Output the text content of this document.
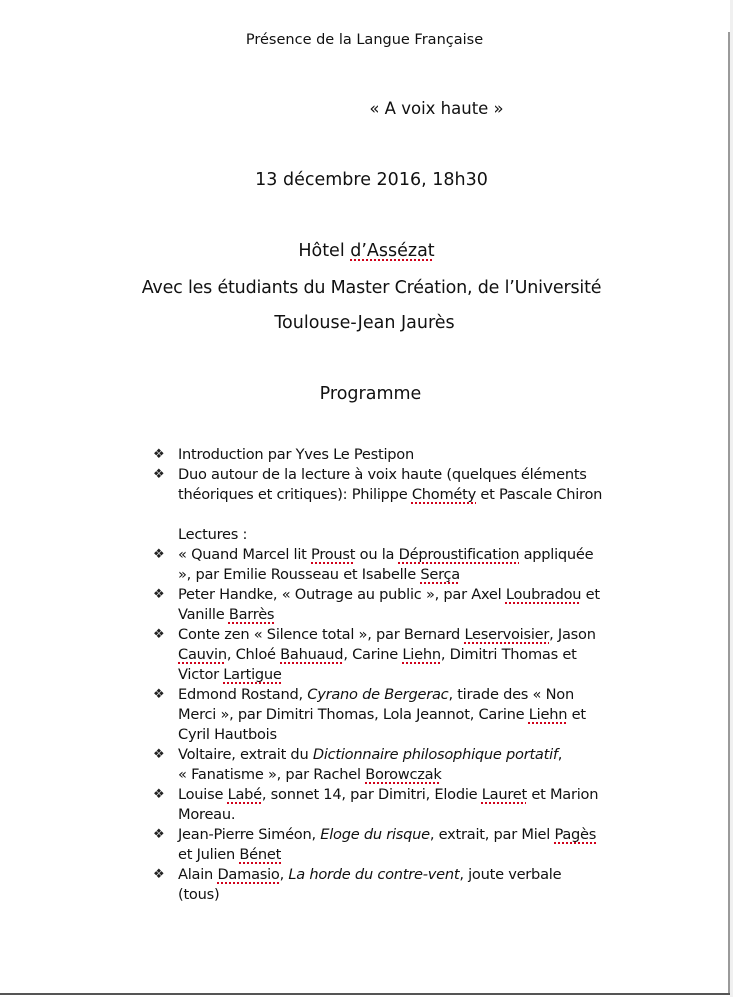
Présence de la Langue Française
« A voix haute »
13 décembre 2016, 18h30
Hôtel d’Assézat
Avec les étudiants du Master Création, de l’Université
Toulouse-Jean Jaurès
Programme
❖ Introduction par Yves Le Pestipon
❖ Duo autour de la lecture à voix haute (quelques éléments
théoriques et critiques): Philippe Chométy et Pascale Chiron
Lectures :
❖ « Quand Marcel lit Proust ou la Déproustification appliquée
», par Emilie Rousseau et Isabelle Serça
❖ Peter Handke, « Outrage au public », par Axel Loubradou et
Vanille Barrès
❖ Conte zen « Silence total », par Bernard Leservoisier, Jason
Cauvin, Chloé Bahuaud, Carine Liehn, Dimitri Thomas et
Victor Lartigue
❖ Edmond Rostand, Cyrano de Bergerac, tirade des « Non
Merci », par Dimitri Thomas, Lola Jeannot, Carine Liehn et
Cyril Hautbois
❖ Voltaire, extrait du Dictionnaire philosophique portatif,
« Fanatisme », par Rachel Borowczak
❖ Louise Labé, sonnet 14, par Dimitri, Elodie Lauret et Marion
Moreau.
❖ Jean-Pierre Siméon, Eloge du risque, extrait, par Miel Pagès
et Julien Bénet
❖ Alain Damasio, La horde du contre-vent, joute verbale
(tous)
